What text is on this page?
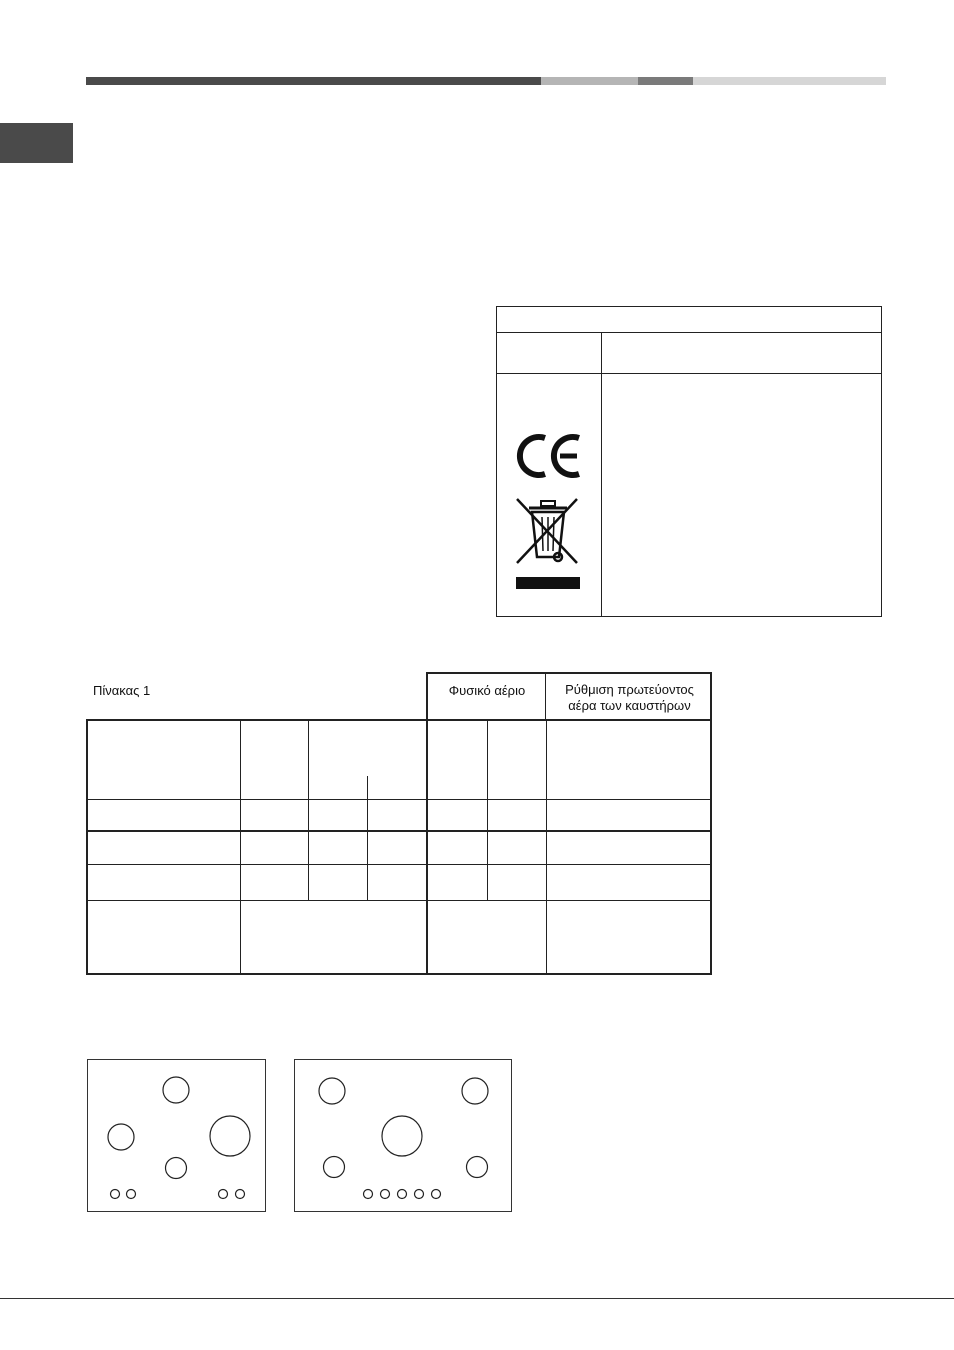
Πίνακας 1	Φυσικό αέριο	Ρύθμιση πρωτεύοντος
αέρα των καυστήρων
